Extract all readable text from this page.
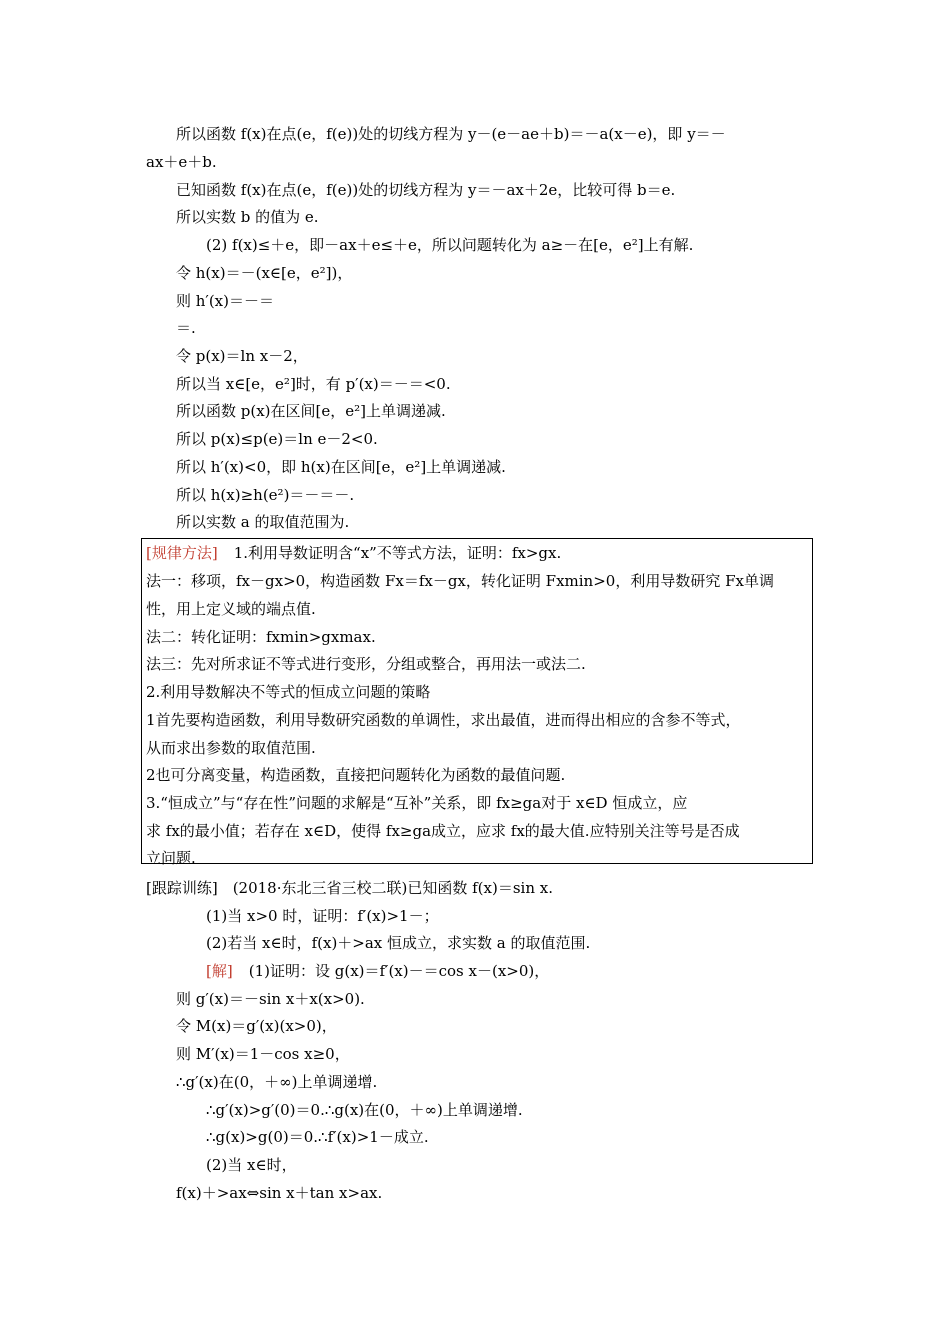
所以函数 f(x)在点(e，f(e))处的切线方程为 y－(e－ae＋b)＝－a(x－e)，即 y＝－
ax＋e＋b.
已知函数 f(x)在点(e，f(e))处的切线方程为 y＝－ax＋2e，比较可得 b＝e.
所以实数 b 的值为 e.
(2) f(x)≤＋e，即－ax＋e≤＋e，所以问题转化为 a≥－在[e，e²]上有解.
令 h(x)＝－(x∈[e，e²])，
则 h′(x)＝－＝
＝.
令 p(x)＝ln x－2，
所以当 x∈[e，e²]时，有 p′(x)＝－＝<0.
所以函数 p(x)在区间[e，e²]上单调递减.
所以 p(x)≤p(e)＝ln e－2<0.
所以 h′(x)<0，即 h(x)在区间[e，e²]上单调递减.
所以 h(x)≥h(e²)＝－＝－.
所以实数 a 的取值范围为.
[规律方法] 1.利用导数证明含“x”不等式方法，证明：fx>gx.
法一：移项，fx－gx>0，构造函数 Fx＝fx－gx，转化证明 Fxmin>0，利用导数研究 Fx单调
性，用上定义域的端点值.
法二：转化证明：fxmin>gxmax.
法三：先对所求证不等式进行变形，分组或整合，再用法一或法二.
2.利用导数解决不等式的恒成立问题的策略
1首先要构造函数，利用导数研究函数的单调性，求出最值，进而得出相应的含参不等式，
从而求出参数的取值范围.
2也可分离变量，构造函数，直接把问题转化为函数的最值问题.
3.“恒成立”与“存在性”问题的求解是“互补”关系，即 fx≥ga对于 x∈D 恒成立，应
求 fx的最小值；若存在 x∈D，使得 fx≥ga成立，应求 fx的最大值.应特别关注等号是否成
立问题.
[跟踪训练]　(2018·东北三省三校二联)已知函数 f(x)＝sin x.
(1)当 x>0 时，证明：f′(x)>1－；
(2)若当 x∈时，f(x)＋>ax 恒成立，求实数 a 的取值范围.
[解] (1)证明：设 g(x)＝f′(x)－＝cos x－(x>0)，
则 g′(x)＝－sin x＋x(x>0).
令 M(x)＝g′(x)(x>0)，
则 M′(x)＝1－cos x≥0，
∴g′(x)在(0，＋∞)上单调递增.
∴g′(x)>g′(0)＝0.∴g(x)在(0，＋∞)上单调递增.
∴g(x)>g(0)＝0.∴f′(x)>1－成立.
(2)当 x∈时，
f(x)＋>ax⇔sin x＋tan x>ax.
